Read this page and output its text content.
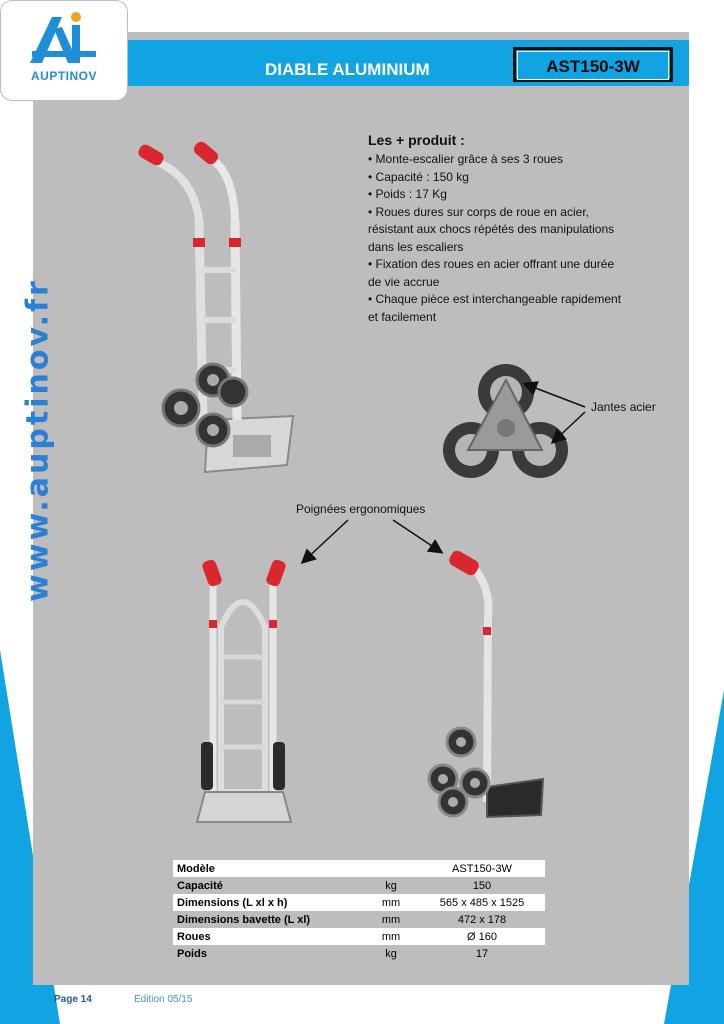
DIABLE ALUMINIUM	AST150-3W
Les + produit :
• Monte-escalier grâce à ses 3 roues
• Capacité : 150 kg
• Poids : 17 Kg
• Roues dures sur corps de roue en acier,
résistant aux chocs répétés des manipulations
dans les escaliers
• Fixation des roues en acier offrant une durée
de vie accrue
• Chaque pièce est interchangeable rapidement
et facilement
Jantes acier
Poignées ergonomiques
Modèle		AST150-3W
Capacité	kg	150
Dimensions (L xl x h)	mm	565 x 485 x 1525
Dimensions bavette (L xl)	mm	472 x 178
Roues	mm	Ø 160
Poids	kg	17
AUPTINOV
www.auptinov.fr
Page 14	Edition 05/15
